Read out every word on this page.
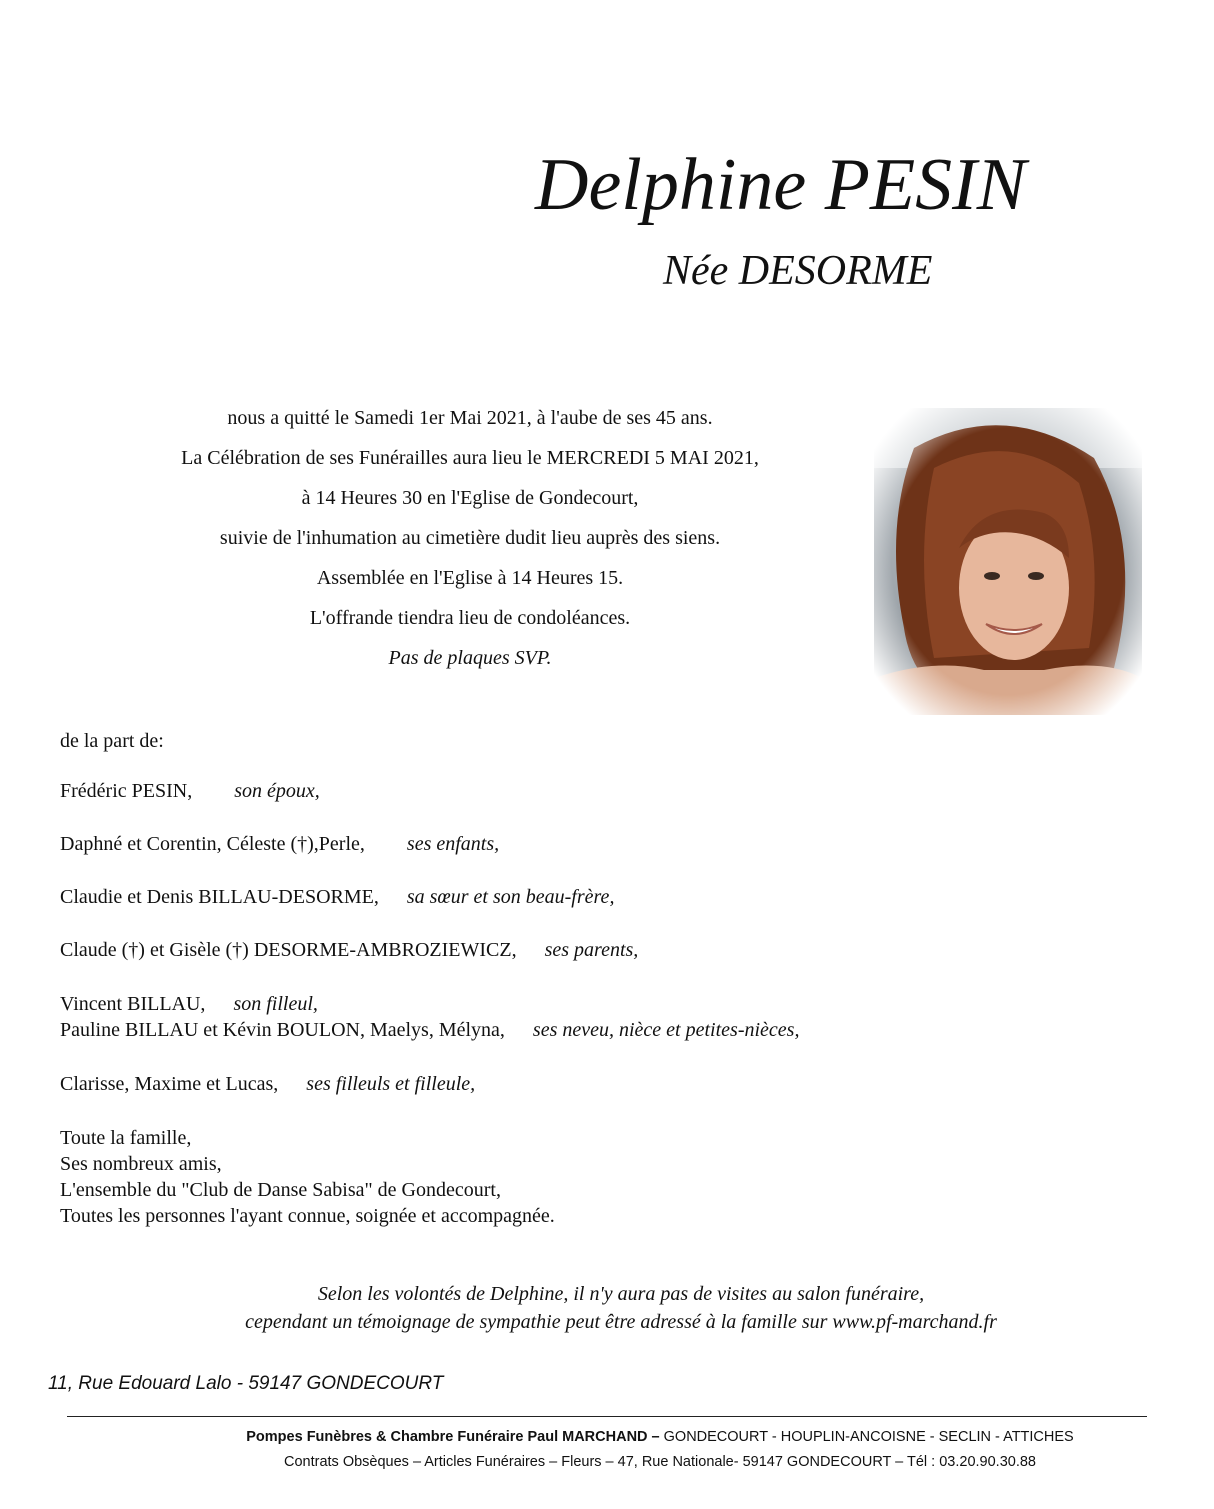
Delphine PESIN
Née DESORME
nous a quitté le Samedi 1er Mai 2021, à l'aube de ses 45 ans.
La Célébration de ses Funérailles aura lieu le MERCREDI 5 MAI 2021,
à 14 Heures 30 en l'Eglise de Gondecourt,
suivie de l'inhumation au cimetière dudit lieu auprès des siens.
Assemblée en l'Eglise à 14 Heures 15.
L'offrande tiendra lieu de condoléances.
Pas de plaques SVP.
de la part de:
Frédéric PESIN, son époux,
Daphné et Corentin, Céleste (†),Perle, ses enfants,
Claudie et Denis BILLAU-DESORME, sa sœur et son beau-frère,
Claude (†) et Gisèle (†) DESORME-AMBROZIEWICZ, ses parents,
Vincent BILLAU, son filleul,
Pauline BILLAU et Kévin BOULON, Maelys, Mélyna, ses neveu, nièce et petites-nièces,
Clarisse, Maxime et Lucas, ses filleuls et filleule,
Toute la famille,
Ses nombreux amis,
L'ensemble du "Club de Danse Sabisa" de Gondecourt,
Toutes les personnes l'ayant connue, soignée et accompagnée.
Selon les volontés de Delphine, il n'y aura pas de visites au salon funéraire,
cependant un témoignage de sympathie peut être adressé à la famille sur www.pf-marchand.fr
11, Rue Edouard Lalo - 59147 GONDECOURT
Pompes Funèbres & Chambre Funéraire Paul MARCHAND – GONDECOURT - HOUPLIN-ANCOISNE - SECLIN - ATTICHES
Contrats Obsèques – Articles Funéraires – Fleurs – 47, Rue Nationale- 59147 GONDECOURT – Tél : 03.20.90.30.88
